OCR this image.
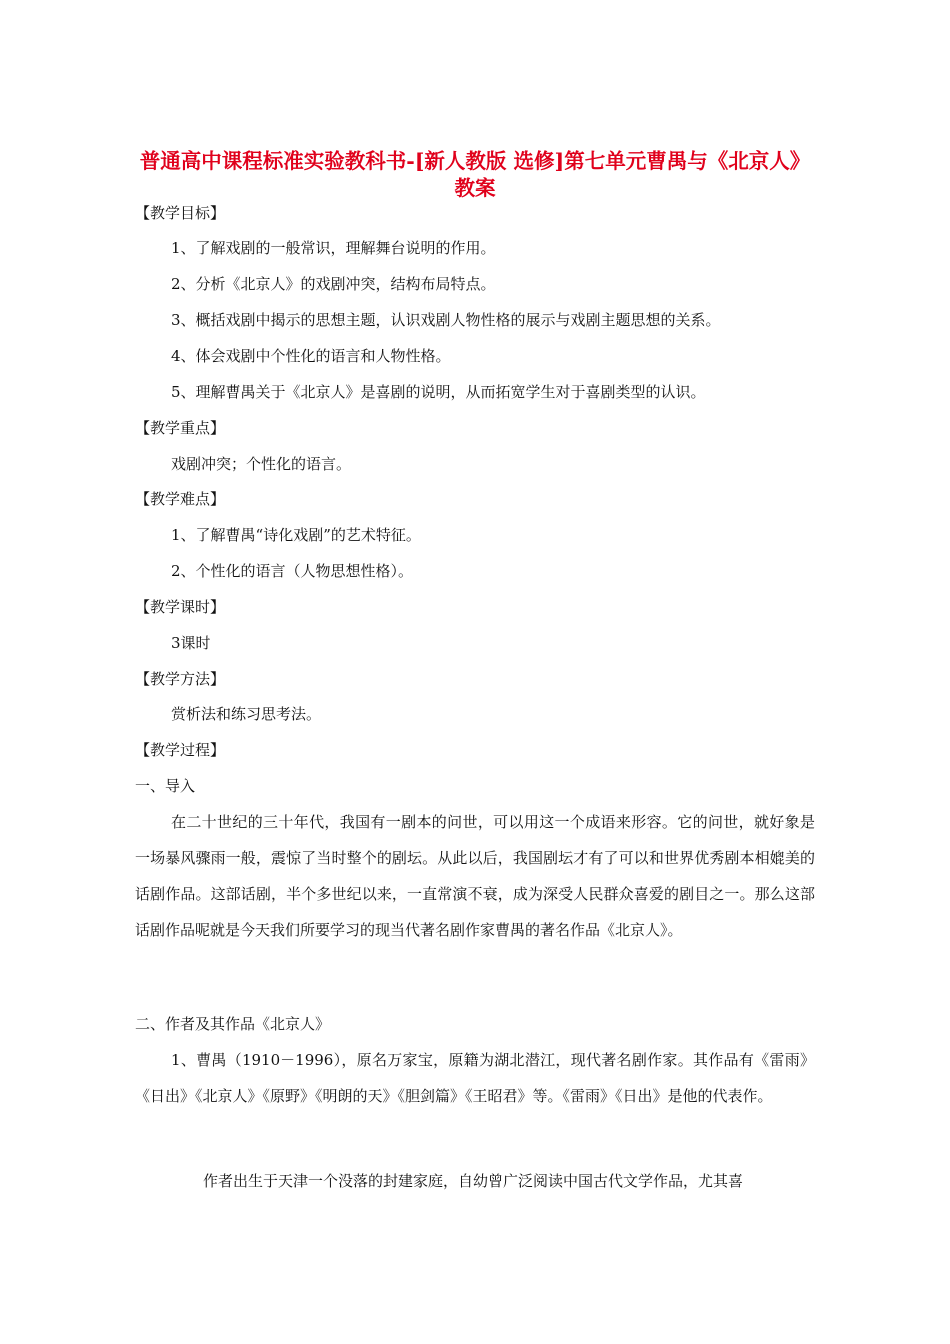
普通高中课程标准实验教科书-[新人教版 选修]第七单元曹禺与《北京人》教案

【教学目标】

1、了解戏剧的一般常识，理解舞台说明的作用。

2、分析《北京人》的戏剧冲突，结构布局特点。

3、概括戏剧中揭示的思想主题，认识戏剧人物性格的展示与戏剧主题思想的关系。

4、体会戏剧中个性化的语言和人物性格。

5、理解曹禺关于《北京人》是喜剧的说明，从而拓宽学生对于喜剧类型的认识。

【教学重点】

戏剧冲突；个性化的语言。

【教学难点】

1、了解曹禺“诗化戏剧”的艺术特征。

2、个性化的语言（人物思想性格）。

【教学课时】

3课时

【教学方法】

赏析法和练习思考法。

【教学过程】

一、导入

在二十世纪的三十年代，我国有一剧本的问世，可以用这一个成语来形容。它的问世，就好象是一场暴风骤雨一般，震惊了当时整个的剧坛。从此以后，我国剧坛才有了可以和世界优秀剧本相媲美的话剧作品。这部话剧，半个多世纪以来，一直常演不衰，成为深受人民群众喜爱的剧目之一。那么这部话剧作品呢就是今天我们所要学习的现当代著名剧作家曹禺的著名作品《北京人》。

二、作者及其作品《北京人》

1、曹禺（1910－1996），原名万家宝，原籍为湖北潜江，现代著名剧作家。其作品有《雷雨》《日出》《北京人》《原野》《明朗的天》《胆剑篇》《王昭君》等。《雷雨》《日出》是他的代表作。

作者出生于天津一个没落的封建家庭，自幼曾广泛阅读中国古代文学作品，尤其喜
